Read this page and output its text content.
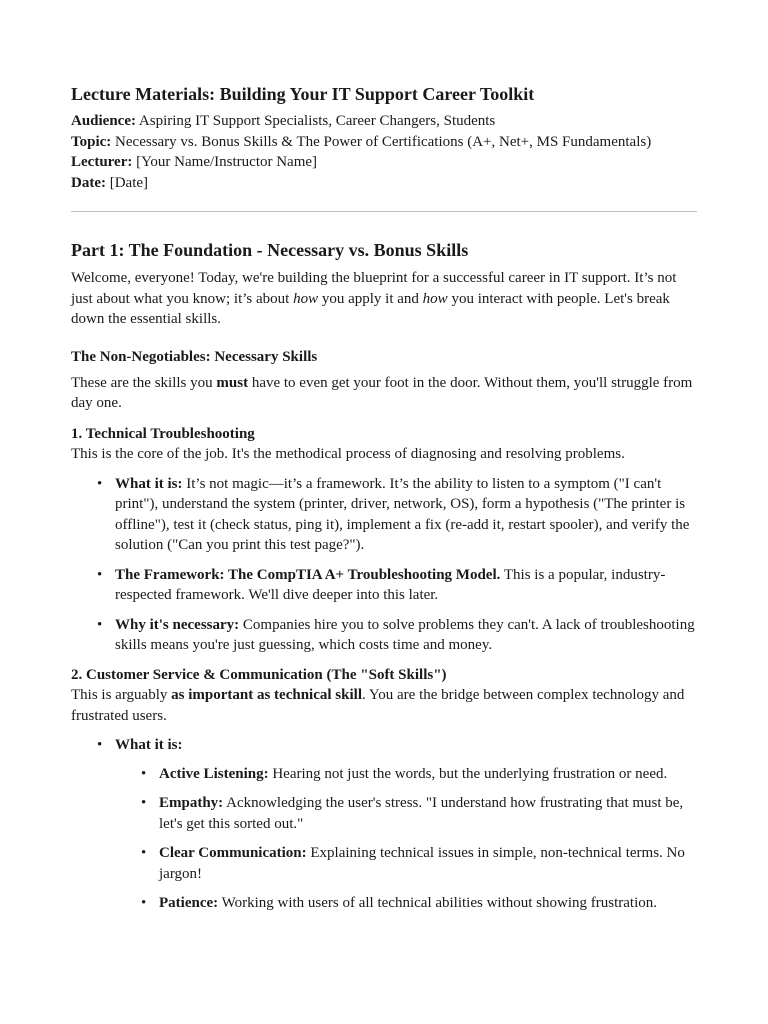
Lecture Materials: Building Your IT Support Career Toolkit

Audience: Aspiring IT Support Specialists, Career Changers, Students

Topic: Necessary vs. Bonus Skills & The Power of Certifications (A+, Net+, MS Fundamentals)

Lecturer: [Your Name/Instructor Name]

Date: [Date]

Part 1: The Foundation - Necessary vs. Bonus Skills

Welcome, everyone! Today, we're building the blueprint for a successful career in IT support. It’s not just about what you know; it’s about how you apply it and how you interact with people. Let's break down the essential skills.

The Non-Negotiables: Necessary Skills

These are the skills you must have to even get your foot in the door. Without them, you'll struggle from day one.

1. Technical Troubleshooting

This is the core of the job. It's the methodical process of diagnosing and resolving problems.

• What it is: It’s not magic—it’s a framework. It’s the ability to listen to a symptom ("I can't print"), understand the system (printer, driver, network, OS), form a hypothesis ("The printer is offline"), test it (check status, ping it), implement a fix (re-add it, restart spooler), and verify the solution ("Can you print this test page?").
• The Framework: The CompTIA A+ Troubleshooting Model. This is a popular, industry-respected framework. We'll dive deeper into this later.
• Why it's necessary: Companies hire you to solve problems they can't. A lack of troubleshooting skills means you're just guessing, which costs time and money.
2. Customer Service & Communication (The "Soft Skills")

This is arguably as important as technical skill. You are the bridge between complex technology and frustrated users.

• What it is:
• Active Listening: Hearing not just the words, but the underlying frustration or need.
• Empathy: Acknowledging the user's stress. "I understand how frustrating that must be, let's get this sorted out."
• Clear Communication: Explaining technical issues in simple, non-technical terms. No jargon!
• Patience: Working with users of all technical abilities without showing frustration.
